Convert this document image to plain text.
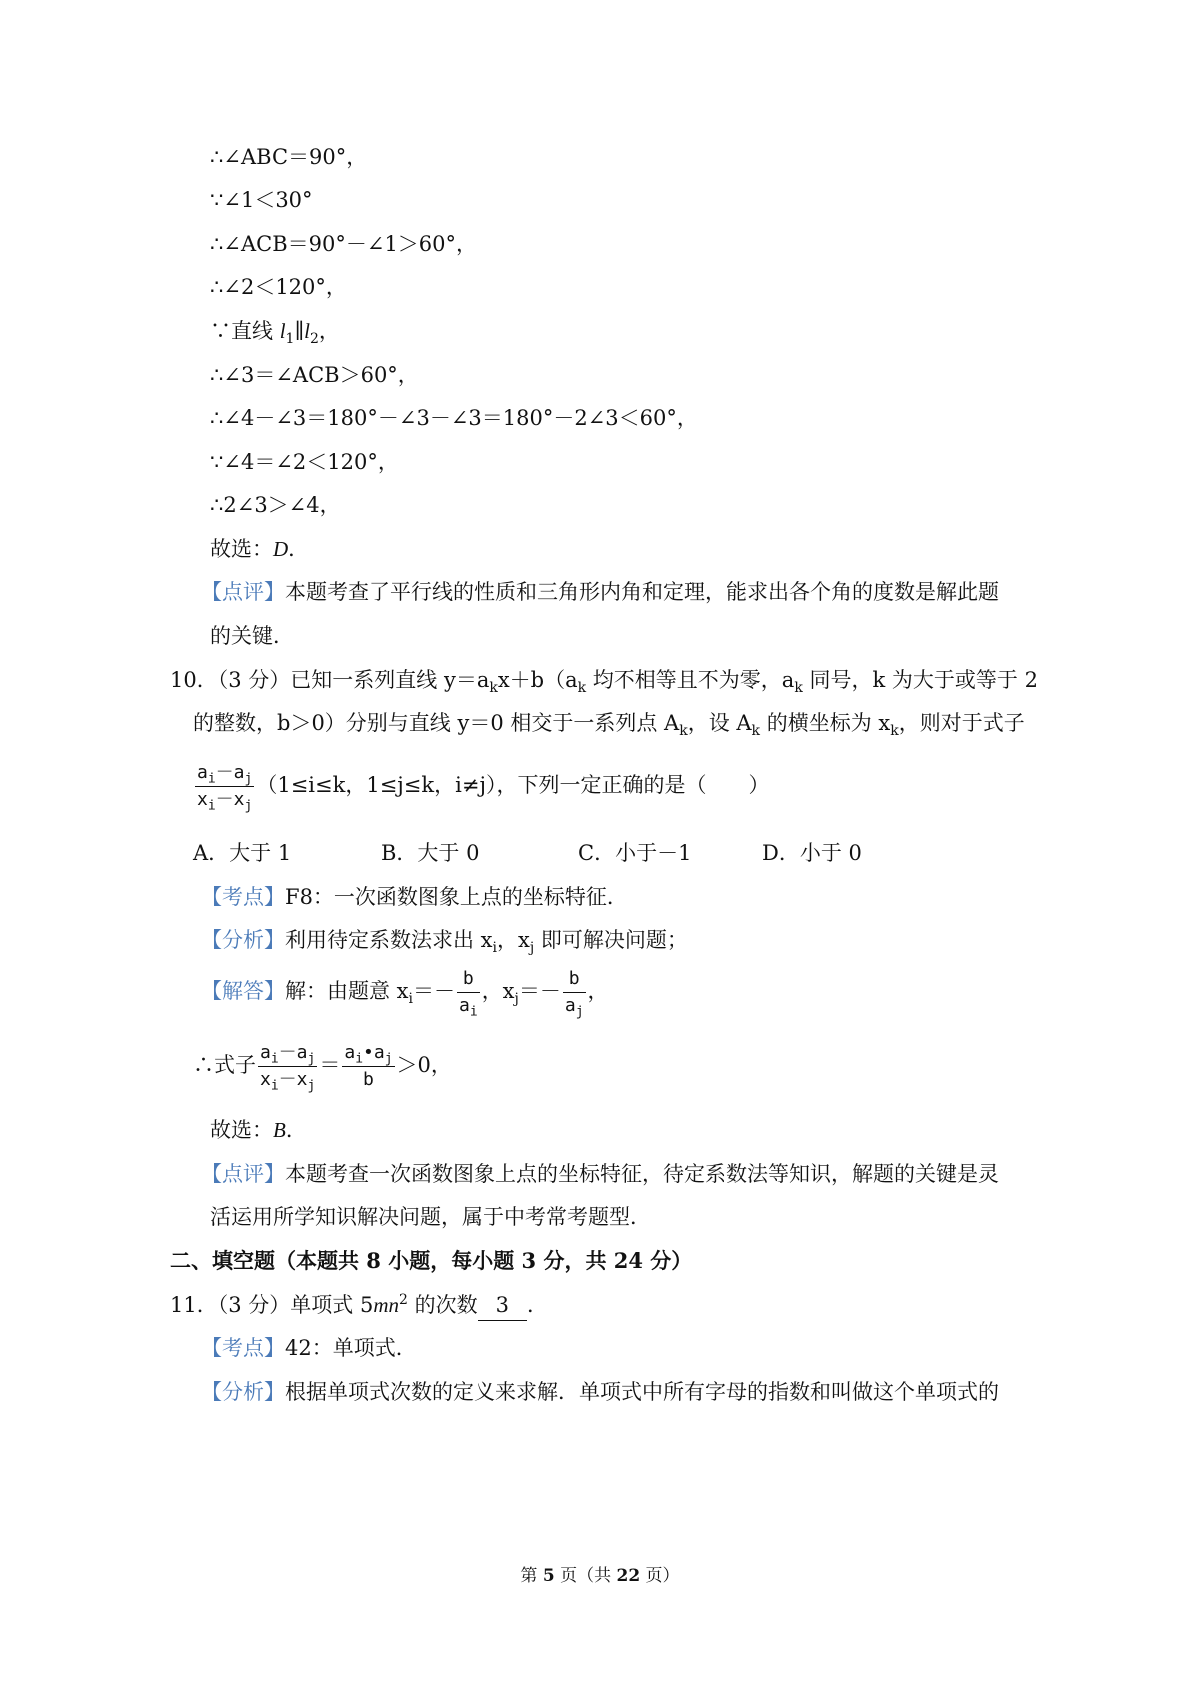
∴∠ABC＝90°，
∵∠1＜30°
∴∠ACB＝90°－∠1＞60°，
∴∠2＜120°，
∵直线 $l_1\parallel l_2$，
∴∠3＝∠ACB＞60°，
∴∠4－∠3＝180°－∠3－∠3＝180°－2∠3＜60°，
∵∠4＝∠2＜120°，
∴2∠3＞∠4，
故选：D．
【点评】本题考查了平行线的性质和三角形内角和定理，能求出各个角的度数是解此题
的关键．
10．（3 分）已知一系列直线 $y=a_kx+b(a_k$ 均不相等且不为零，$a_k$ 同号，k 为大于或等于 2
的整数，b＞0）分别与直线 y＝0 相交于一系列点 $A_k$，设 $A_k$ 的横坐标为 $x_k$，则对于式子
$\frac{a_i-a_j}{x_i-x_j} (1\le i\le k$，1≤j≤k，i≠j），下列一定正确的是（　　）
A．大于 1	B．大于 0	C．小于－1	D．小于 0
【考点】F8：一次函数图象上点的坐标特征．
【分析】利用待定系数法求出 $x_i$，$x_j$ 即可解决问题；
【解答】解：由题意 $x_i=- \frac{b}{a_i}$ ，$x_j=- \frac{b}{a_j}$ ，
∴式子 $\frac{a_i-a_j}{x_i-x_j} = \frac{a_i•a_j}{b} >0$，
故选：B．
【点评】本题考查一次函数图象上点的坐标特征，待定系数法等知识，解题的关键是灵
活运用所学知识解决问题，属于中考常考题型．
二、填空题（本题共 8 小题，每小题 3 分，共 24 分）
11．（3 分）单项式 $5mn^2$ 的次数 3 ．
【考点】42：单项式．
【分析】根据单项式次数的定义来求解．单项式中所有字母的指数和叫做这个单项式的
第 5 页（共 22 页）
